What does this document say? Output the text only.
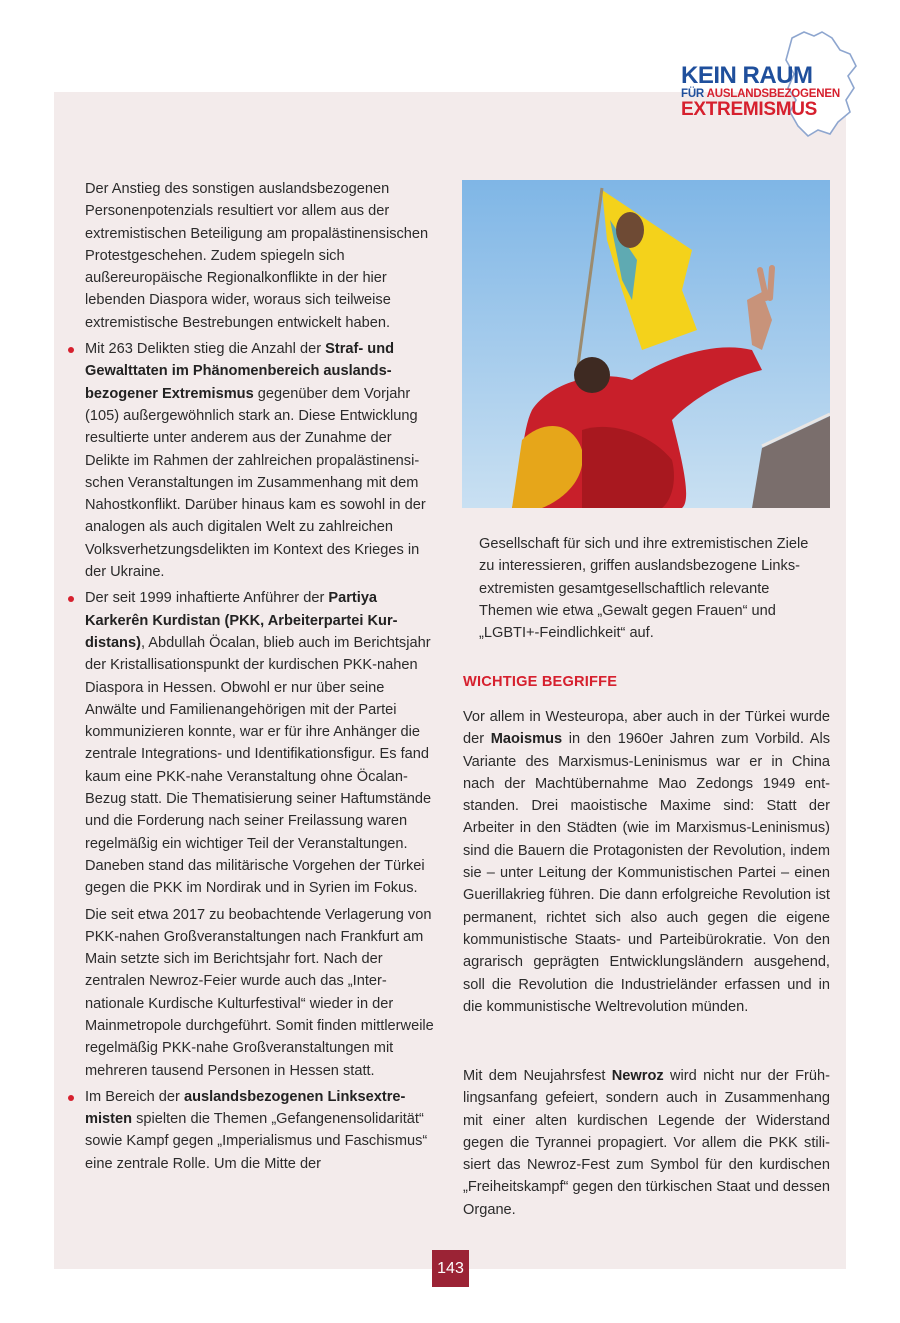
KEIN RAUM
FÜR AUSLANDSBEZOGENEN
EXTREMISMUS

Der Anstieg des sonstigen auslandsbezogenen Personenpotenzials resultiert vor allem aus der extremistischen Beteiligung am propalästinensischen Protestgeschehen. Zudem spiegeln sich außereuropäische Regionalkonflikte in der hier lebenden Diaspora wider, woraus sich teilweise extremistische Bestrebungen entwickelt haben.

Mit 263 Delikten stieg die Anzahl der Straf- und Gewalttaten im Phänomenbereich auslandsbezogener Extremismus gegenüber dem Vorjahr (105) außergewöhnlich stark an. Diese Entwicklung resultierte unter anderem aus der Zunahme der Delikte im Rahmen der zahlreichen propalästinensischen Veranstaltungen im Zusammenhang mit dem Nahostkonflikt. Darüber hinaus kam es sowohl in der analogen als auch digitalen Welt zu zahlreichen Volksverhetzungsdelikten im Kontext des Krieges in der Ukraine.

Der seit 1999 inhaftierte Anführer der Partiya Karkerên Kurdistan (PKK, Arbeiterpartei Kurdistans), Abdullah Öcalan, blieb auch im Berichtsjahr der Kristallisationspunkt der kurdischen PKK-nahen Diaspora in Hessen. Obwohl er nur über seine Anwälte und Familienangehörigen mit der Partei kommunizieren konnte, war er für ihre Anhänger die zentrale Integrations- und Identifikationsfigur. Es fand kaum eine PKK-nahe Veranstaltung ohne Öcalan-Bezug statt. Die Thematisierung seiner Haftumstände und die Forderung nach seiner Freilassung waren regelmäßig ein wichtiger Teil der Veranstaltungen. Daneben stand das militärische Vorgehen der Türkei gegen die PKK im Nordirak und in Syrien im Fokus.

Die seit etwa 2017 zu beobachtende Verlagerung von PKK-nahen Großveranstaltungen nach Frankfurt am Main setzte sich im Berichtsjahr fort. Nach der zentralen Newroz-Feier wurde auch das „Internationale Kurdische Kulturfestival“ wieder in der Mainmetropole durchgeführt. Somit finden mittlerweile regelmäßig PKK-nahe Großveranstaltungen mit mehreren tausend Personen in Hessen statt.

Im Bereich der auslandsbezogenen Linksextremisten spielten die Themen „Gefangenensolidarität“ sowie Kampf gegen „Imperialismus und Faschismus“ eine zentrale Rolle. Um die Mitte der

Gesellschaft für sich und ihre extremistischen Ziele zu interessieren, griffen auslandsbezogene Linksextremisten gesamtgesellschaftlich relevante Themen wie etwa „Gewalt gegen Frauen“ und „LGBTI+-Feindlichkeit“ auf.
WICHTIGE BEGRIFFE
Vor allem in Westeuropa, aber auch in der Türkei wurde der Maoismus in den 1960er Jahren zum Vorbild. Als Variante des Marxismus-Leninismus war er in China nach der Machtübernahme Mao Zedongs 1949 entstanden. Drei maoistische Maxime sind: Statt der Arbeiter in den Städten (wie im Marxismus-Leninismus) sind die Bauern die Protagonisten der Revolution, indem sie – unter Leitung der Kommunistischen Partei – einen Guerillakrieg führen. Die dann erfolgreiche Revolution ist permanent, richtet sich also auch gegen die eigene kommunistische Staats- und Parteibürokratie. Von den agrarisch geprägten Entwicklungsländern ausgehend, soll die Revolution die Industrieländer erfassen und in die kommunistische Weltrevolution münden.
Mit dem Neujahrsfest Newroz wird nicht nur der Frühlingsanfang gefeiert, sondern auch in Zusammenhang mit einer alten kurdischen Legende der Widerstand gegen die Tyrannei propagiert. Vor allem die PKK stilisiert das Newroz-Fest zum Symbol für den kurdischen „Freiheitskampf“ gegen den türkischen Staat und dessen Organe.
143
